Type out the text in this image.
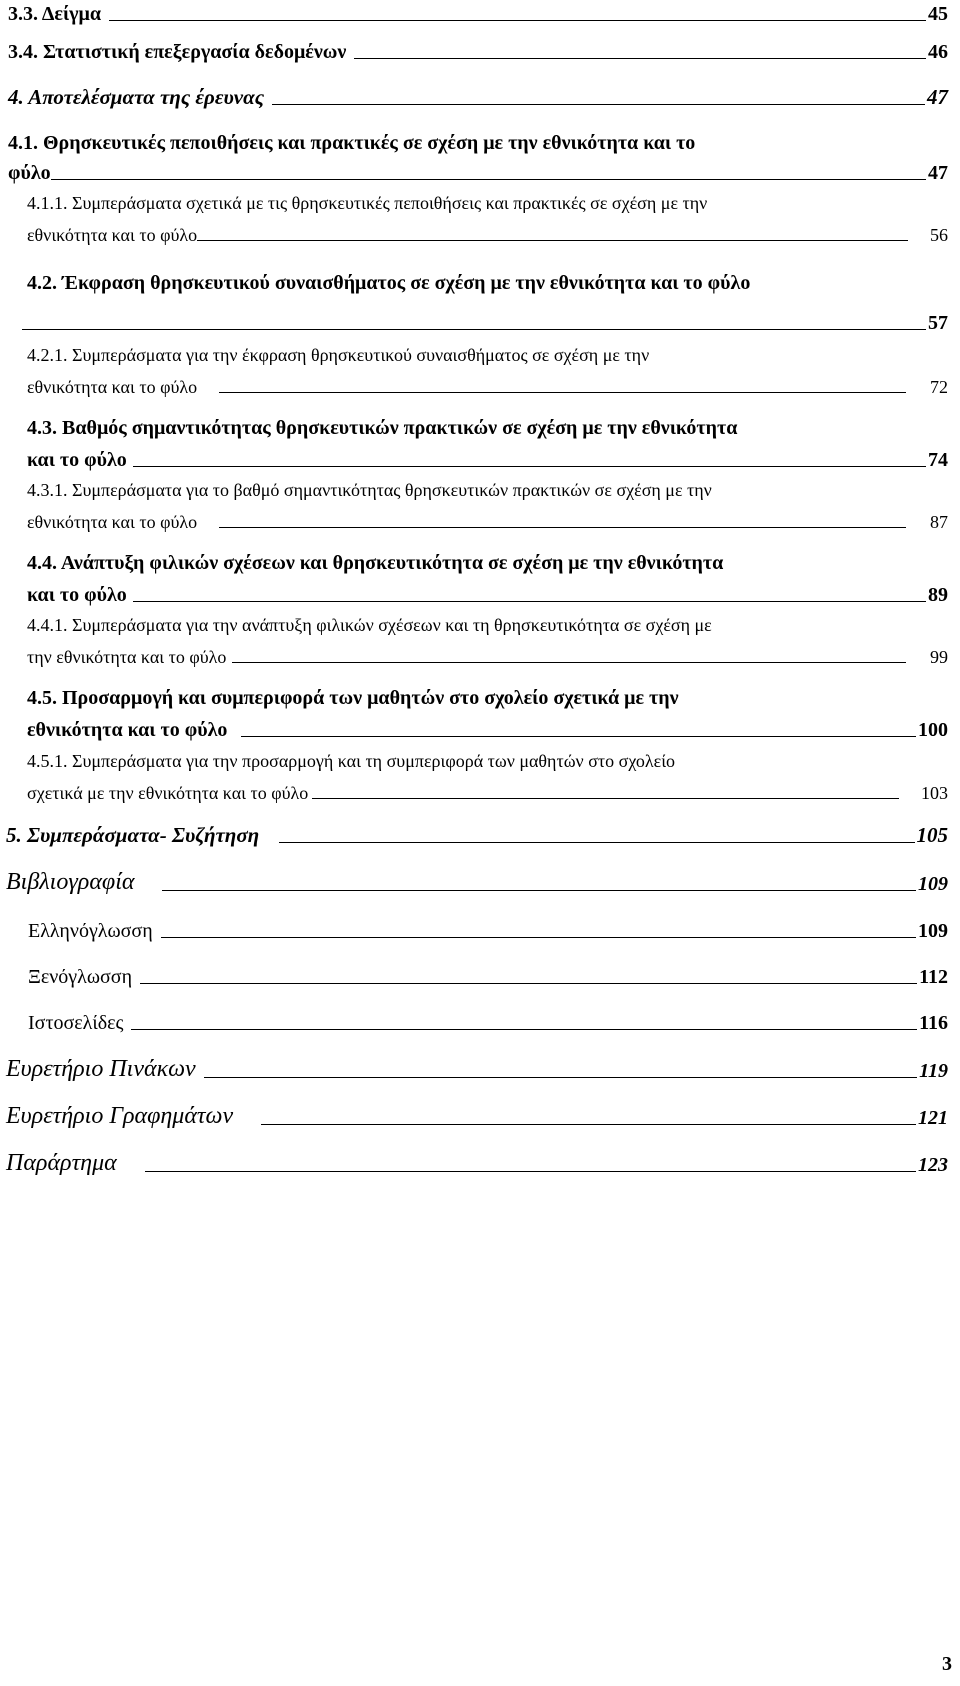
3.3. Δείγμα	45
3.4. Στατιστική επεξεργασία δεδομένων	46
4. Αποτελέσματα της έρευνας	47
4.1. Θρησκευτικές πεποιθήσεις και πρακτικές σε σχέση με την εθνικότητα και το
φύλο	47
4.1.1. Συμπεράσματα σχετικά με τις θρησκευτικές πεποιθήσεις και πρακτικές σε σχέση με την
εθνικότητα και το φύλο	56
4.2. Έκφραση θρησκευτικού συναισθήματος σε σχέση με την εθνικότητα και το φύλο
57
4.2.1. Συμπεράσματα για την έκφραση θρησκευτικού συναισθήματος σε σχέση με την
εθνικότητα και το φύλο	72
4.3. Βαθμός σημαντικότητας θρησκευτικών πρακτικών σε σχέση με την εθνικότητα
και το φύλο	74
4.3.1. Συμπεράσματα για το βαθμό σημαντικότητας θρησκευτικών πρακτικών σε σχέση με την
εθνικότητα και το φύλο	87
4.4. Ανάπτυξη φιλικών σχέσεων και θρησκευτικότητα σε σχέση με την εθνικότητα
και το φύλο	89
4.4.1. Συμπεράσματα για την ανάπτυξη φιλικών σχέσεων και τη θρησκευτικότητα σε σχέση με
την εθνικότητα και το φύλο	99
4.5. Προσαρμογή και συμπεριφορά των μαθητών στο σχολείο σχετικά με την
εθνικότητα και το φύλο	100
4.5.1. Συμπεράσματα για την προσαρμογή και τη συμπεριφορά των μαθητών στο σχολείο
σχετικά με την εθνικότητα και το φύλο	103
5. Συμπεράσματα- Συζήτηση	105
Βιβλιογραφία	109
Ελληνόγλωσση	109
Ξενόγλωσση	112
Ιστοσελίδες	116
Ευρετήριο Πινάκων	119
Ευρετήριο Γραφημάτων	121
Παράρτημα	123
3
